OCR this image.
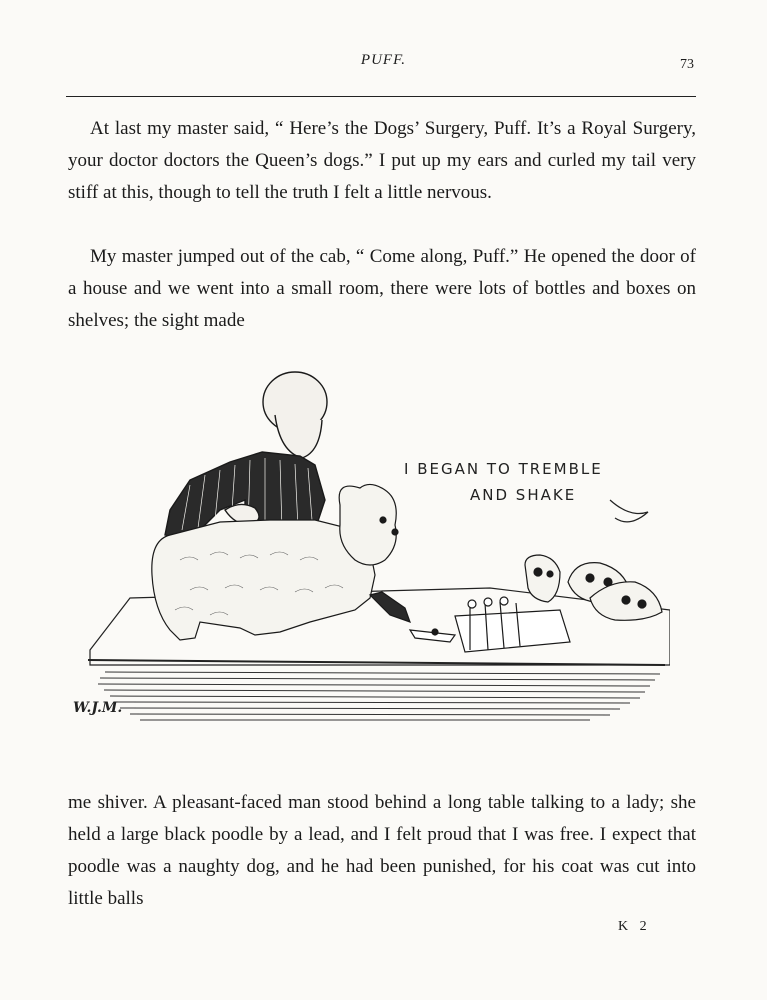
PUFF.	73

At last my master said, “ Here’s the Dogs’ Surgery, Puff. It’s a Royal Surgery, your doctor doctors the Queen’s dogs.” I put up my ears and curled my tail very stiff at this, though to tell the truth I felt a little nervous.

My master jumped out of the cab, “ Come along, Puff.” He opened the door of a house and we went into a small room, there were lots of bottles and boxes on shelves; the sight made

I BEGAN TO TREMBLE
AND SHAKE
W.J.M.

me shiver. A pleasant-faced man stood behind a long table talking to a lady; she held a large black poodle by a lead, and I felt proud that I was free. I expect that poodle was a naughty dog, and he had been punished, for his coat was cut into little balls

K 2
